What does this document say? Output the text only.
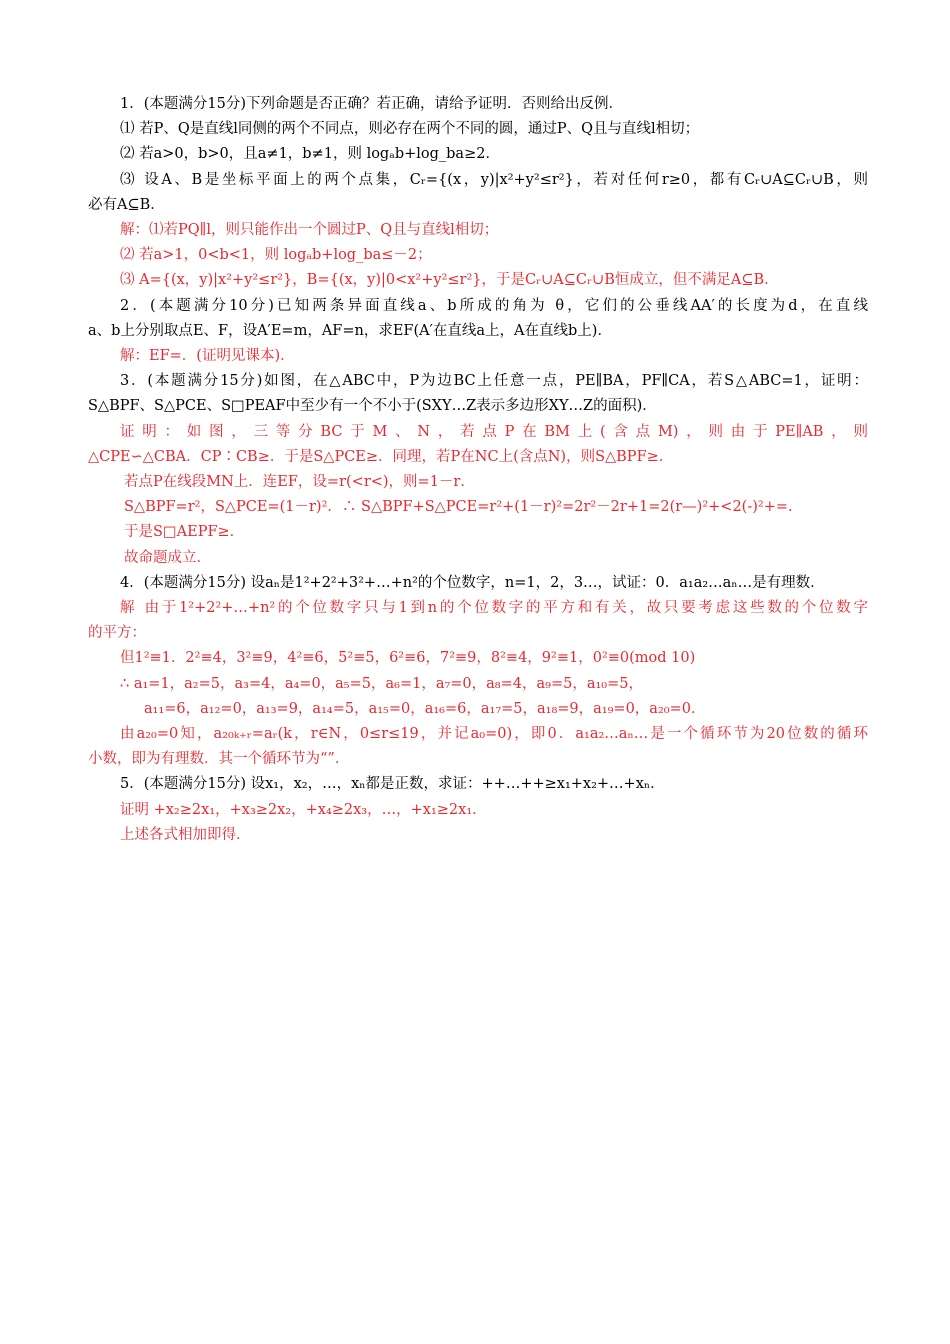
1．(本题满分15分)下列命题是否正确？若正确，请给予证明．否则给出反例．
⑴ 若P、Q是直线l同侧的两个不同点，则必存在两个不同的圆，通过P、Q且与直线l相切；
⑵ 若a>0，b>0，且a≠1，b≠1，则 logₐb+log_ba≥2．
⑶ 设A、B是坐标平面上的两个点集，Cᵣ={(x，y)|x²+y²≤r²}，若对任何r≥0，都有Cᵣ∪A⊆Cᵣ∪B，则
必有A⊆B．
解：⑴若PQ∥l，则只能作出一个圆过P、Q且与直线l相切；
⑵ 若a>1，0<b<1，则 logₐb+log_ba≤－2；
⑶ A={(x，y)|x²+y²≤r²}，B={(x，y)|0<x²+y²≤r²}，于是Cᵣ∪A⊆Cᵣ∪B恒成立，但不满足A⊆B．
2．(本题满分10分)已知两条异面直线a、b所成的角为 θ，它们的公垂线AA′的长度为d，在直线
a、b上分别取点E、F，设A′E=m，AF=n，求EF(A′在直线a上，A在直线b上)．
解：EF=．(证明见课本)．
3．(本题满分15分)如图，在△ABC中，P为边BC上任意一点，PE∥BA，PF∥CA，若S△ABC=1，证明：
S△BPF、S△PCE、S□PEAF中至少有一个不小于(SXY…Z表示多边形XY…Z的面积)．
证明：如图，三等分BC于M、N，若点P在BM上(含点M)，则由于PE∥AB，则
△CPE∽△CBA．CP∶CB≥．于是S△PCE≥．同理，若P在NC上(含点N)，则S△BPF≥．
若点P在线段MN上．连EF，设=r(<r<)，则=1－r．
S△BPF=r²，S△PCE=(1－r)²．∴ S△BPF+S△PCE=r²+(1－r)²=2r²－2r+1=2(r—)²+<2(-)²+=.
于是S□AEPF≥．
故命题成立．
4．(本题满分15分) 设aₙ是1²+2²+3²+…+n²的个位数字，n=1，2，3…，试证：0．a₁a₂…aₙ…是有理数．
解 由于1²+2²+…+n²的个位数字只与1到n的个位数字的平方和有关，故只要考虑这些数的个位数字
的平方：
但1²≡1．2²≡4，3²≡9，4²≡6，5²≡5，6²≡6，7²≡9，8²≡4，9²≡1，0²≡0(mod 10)
∴ a₁=1，a₂=5，a₃=4，a₄=0，a₅=5，a₆=1，a₇=0，a₈=4，a₉=5，a₁₀=5，
a₁₁=6，a₁₂=0，a₁₃=9，a₁₄=5，a₁₅=0，a₁₆=6，a₁₇=5，a₁₈=9，a₁₉=0，a₂₀=0．
由a₂₀=0知，a₂₀ₖ₊ᵣ=aᵣ(k，r∈N，0≤r≤19，并记a₀=0)，即0．a₁a₂…aₙ…是一个循环节为20位数的循环
小数，即为有理数．其一个循环节为“”．
5．(本题满分15分) 设x₁，x₂，…，xₙ都是正数，求证：++…++≥x₁+x₂+…+xₙ．
证明 +x₂≥2x₁，+x₃≥2x₂，+x₄≥2x₃，…，+x₁≥2x₁．
上述各式相加即得．
